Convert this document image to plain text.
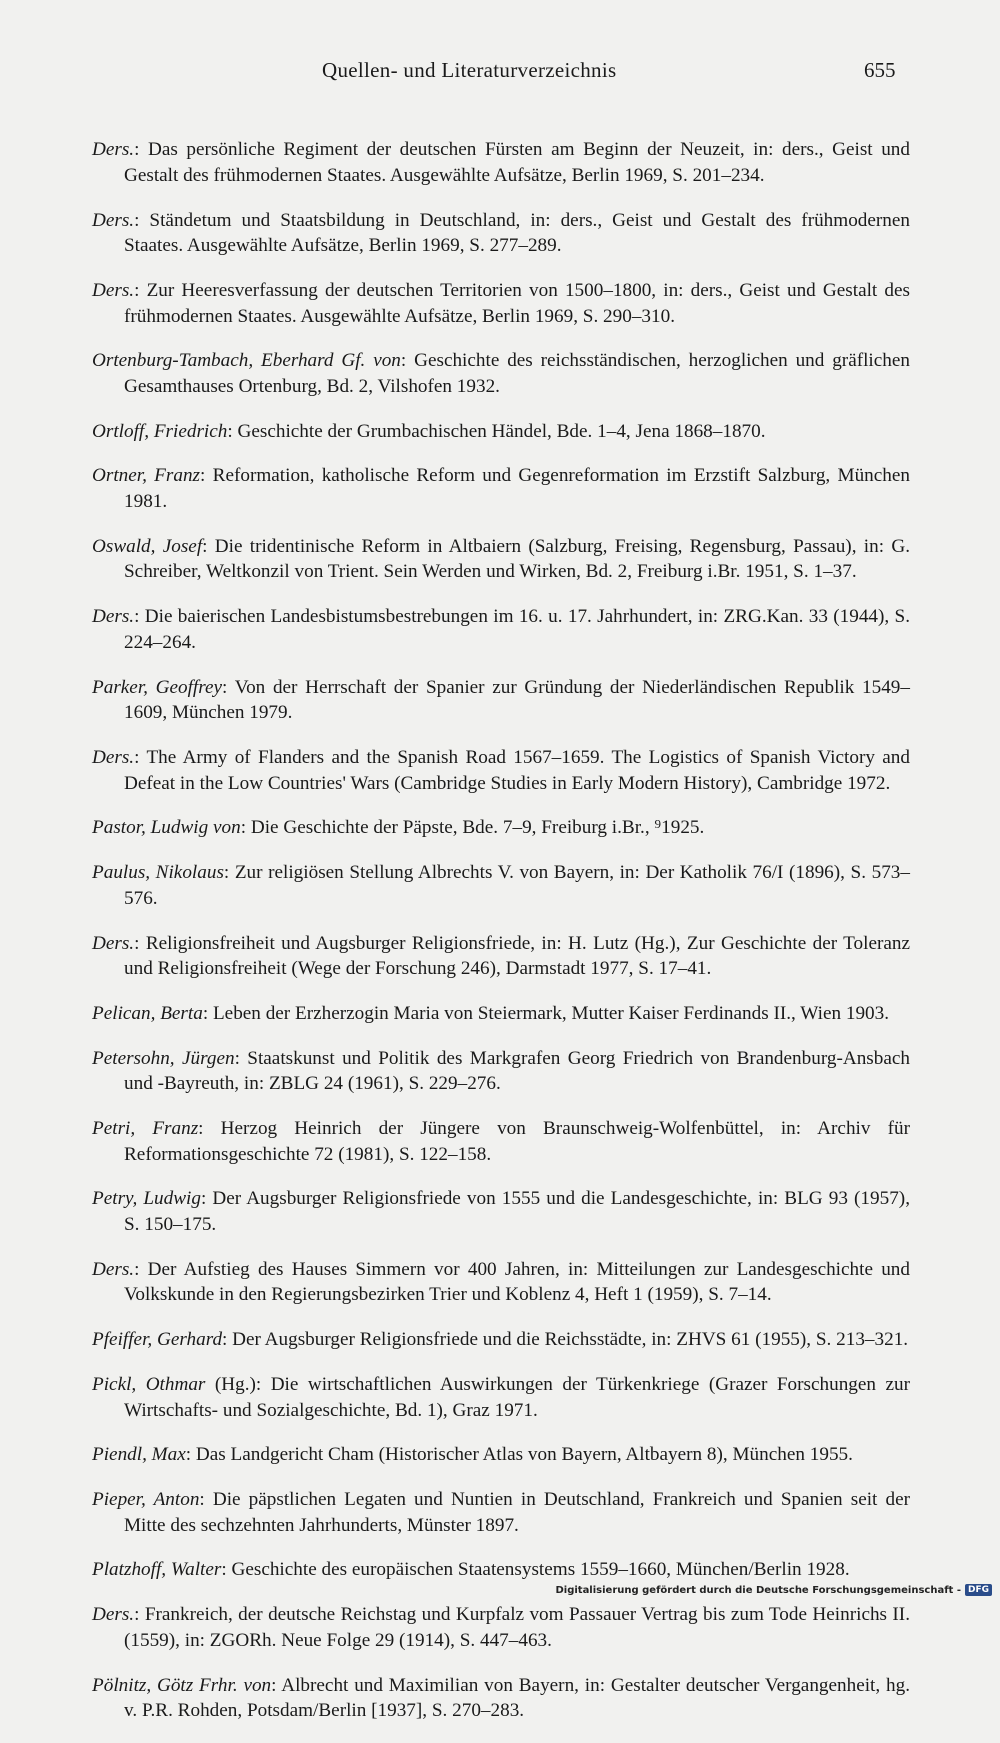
Quellen- und Literaturverzeichnis	655

Ders.: Das persönliche Regiment der deutschen Fürsten am Beginn der Neuzeit, in: ders., Geist und Gestalt des frühmodernen Staates. Ausgewählte Aufsätze, Berlin 1969, S. 201–234.

Ders.: Ständetum und Staatsbildung in Deutschland, in: ders., Geist und Gestalt des frühmodernen Staates. Ausgewählte Aufsätze, Berlin 1969, S. 277–289.

Ders.: Zur Heeresverfassung der deutschen Territorien von 1500–1800, in: ders., Geist und Gestalt des frühmodernen Staates. Ausgewählte Aufsätze, Berlin 1969, S. 290–310.

Ortenburg-Tambach, Eberhard Gf. von: Geschichte des reichsständischen, herzoglichen und gräflichen Gesamthauses Ortenburg, Bd. 2, Vilshofen 1932.

Ortloff, Friedrich: Geschichte der Grumbachischen Händel, Bde. 1–4, Jena 1868–1870.

Ortner, Franz: Reformation, katholische Reform und Gegenreformation im Erzstift Salzburg, München 1981.

Oswald, Josef: Die tridentinische Reform in Altbaiern (Salzburg, Freising, Regensburg, Passau), in: G. Schreiber, Weltkonzil von Trient. Sein Werden und Wirken, Bd. 2, Freiburg i.Br. 1951, S. 1–37.

Ders.: Die baierischen Landesbistumsbestrebungen im 16. u. 17. Jahrhundert, in: ZRG.Kan. 33 (1944), S. 224–264.

Parker, Geoffrey: Von der Herrschaft der Spanier zur Gründung der Niederländischen Republik 1549–1609, München 1979.

Ders.: The Army of Flanders and the Spanish Road 1567–1659. The Logistics of Spanish Victory and Defeat in the Low Countries' Wars (Cambridge Studies in Early Modern History), Cambridge 1972.

Pastor, Ludwig von: Die Geschichte der Päpste, Bde. 7–9, Freiburg i.Br., ⁹1925.

Paulus, Nikolaus: Zur religiösen Stellung Albrechts V. von Bayern, in: Der Katholik 76/I (1896), S. 573–576.

Ders.: Religionsfreiheit und Augsburger Religionsfriede, in: H. Lutz (Hg.), Zur Geschichte der Toleranz und Religionsfreiheit (Wege der Forschung 246), Darmstadt 1977, S. 17–41.

Pelican, Berta: Leben der Erzherzogin Maria von Steiermark, Mutter Kaiser Ferdinands II., Wien 1903.

Petersohn, Jürgen: Staatskunst und Politik des Markgrafen Georg Friedrich von Brandenburg-Ansbach und -Bayreuth, in: ZBLG 24 (1961), S. 229–276.

Petri, Franz: Herzog Heinrich der Jüngere von Braunschweig-Wolfenbüttel, in: Archiv für Reformationsgeschichte 72 (1981), S. 122–158.

Petry, Ludwig: Der Augsburger Religionsfriede von 1555 und die Landesgeschichte, in: BLG 93 (1957), S. 150–175.

Ders.: Der Aufstieg des Hauses Simmern vor 400 Jahren, in: Mitteilungen zur Landesgeschichte und Volkskunde in den Regierungsbezirken Trier und Koblenz 4, Heft 1 (1959), S. 7–14.

Pfeiffer, Gerhard: Der Augsburger Religionsfriede und die Reichsstädte, in: ZHVS 61 (1955), S. 213–321.

Pickl, Othmar (Hg.): Die wirtschaftlichen Auswirkungen der Türkenkriege (Grazer Forschungen zur Wirtschafts- und Sozialgeschichte, Bd. 1), Graz 1971.

Piendl, Max: Das Landgericht Cham (Historischer Atlas von Bayern, Altbayern 8), München 1955.

Pieper, Anton: Die päpstlichen Legaten und Nuntien in Deutschland, Frankreich und Spanien seit der Mitte des sechzehnten Jahrhunderts, Münster 1897.

Platzhoff, Walter: Geschichte des europäischen Staatensystems 1559–1660, München/Berlin 1928.

Ders.: Frankreich, der deutsche Reichstag und Kurpfalz vom Passauer Vertrag bis zum Tode Heinrichs II. (1559), in: ZGORh. Neue Folge 29 (1914), S. 447–463.

Pölnitz, Götz Frhr. von: Albrecht und Maximilian von Bayern, in: Gestalter deutscher Vergangenheit, hg. v. P.R. Rohden, Potsdam/Berlin [1937], S. 270–283.

Digitalisierung gefördert durch die Deutsche Forschungsgemeinschaft - DFG
